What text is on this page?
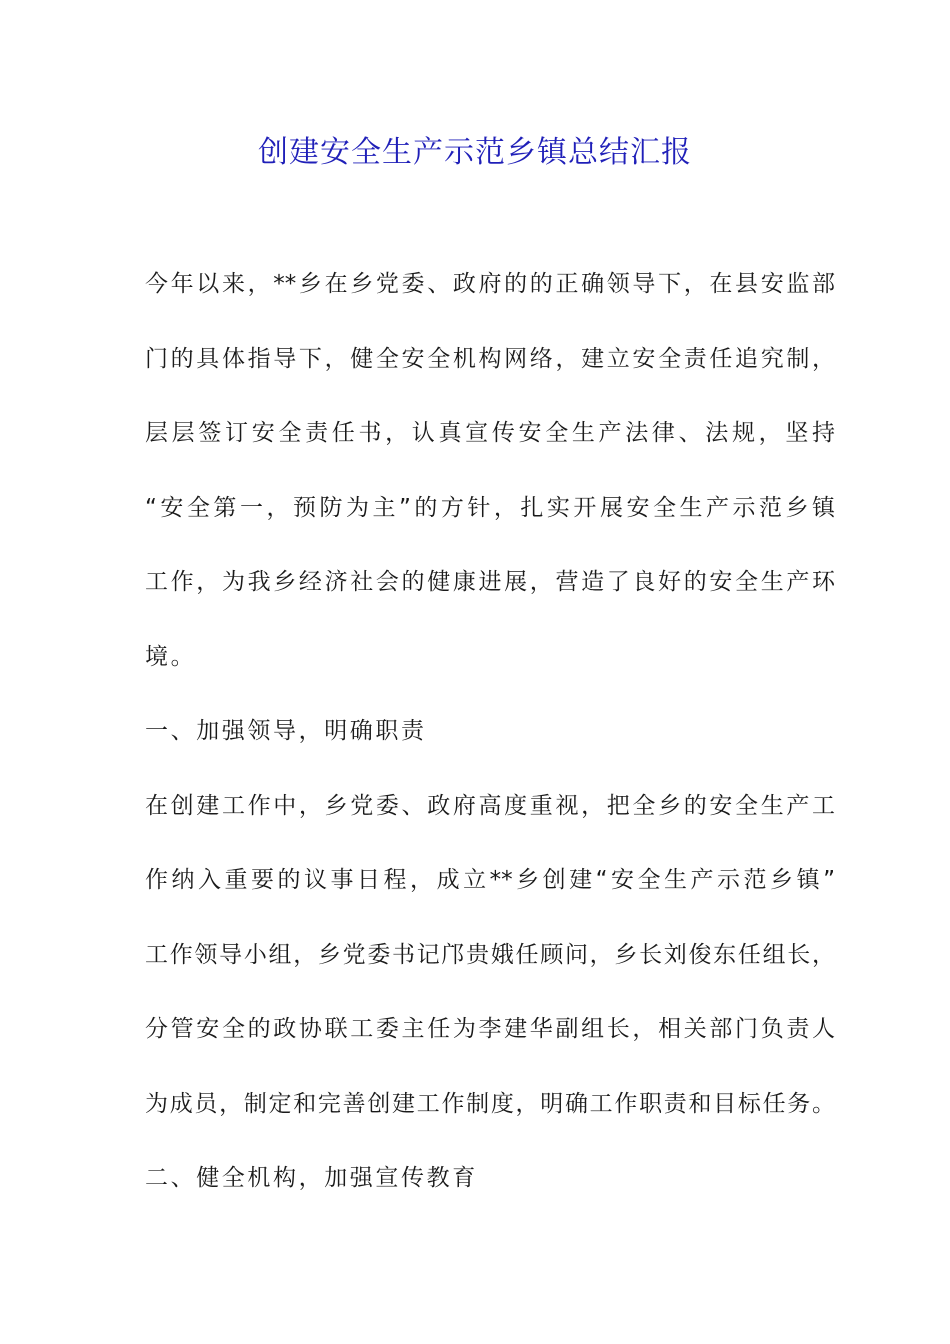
创建安全生产示范乡镇总结汇报
今年以来，**乡在乡党委、政府的的正确领导下，在县安监部
门的具体指导下，健全安全机构网络，建立安全责任追究制，
层层签订安全责任书，认真宣传安全生产法律、法规，坚持
“安全第一，预防为主”的方针，扎实开展安全生产示范乡镇
工作，为我乡经济社会的健康进展，营造了良好的安全生产环
境。
一、加强领导，明确职责
在创建工作中，乡党委、政府高度重视，把全乡的安全生产工
作纳入重要的议事日程，成立**乡创建“安全生产示范乡镇”
工作领导小组，乡党委书记邝贵娥任顾问，乡长刘俊东任组长，
分管安全的政协联工委主任为李建华副组长，相关部门负责人
为成员，制定和完善创建工作制度，明确工作职责和目标任务。
二、健全机构，加强宣传教育
